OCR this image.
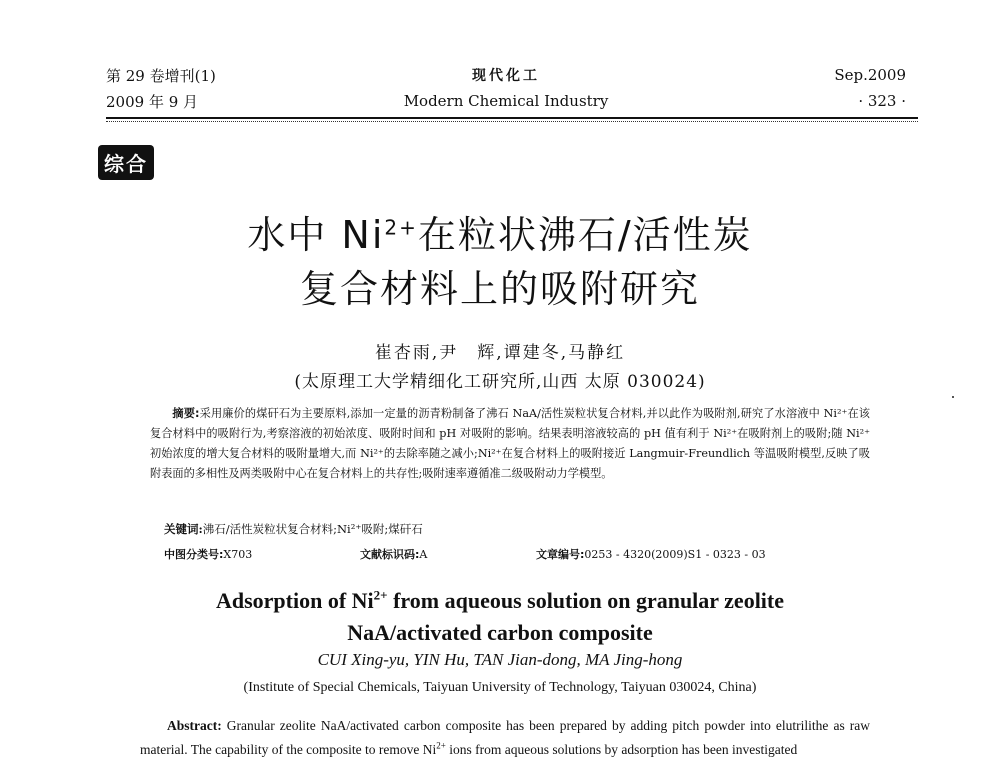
第 29 卷增刊(1)	现代化工	Sep.2009
2009 年 9 月	Modern Chemical Industry	· 323 ·
综合
水中 $Ni^{2+}$在粒状沸石/活性炭
复合材料上的吸附研究
崔杏雨,尹　辉,谭建冬,马静红
(太原理工大学精细化工研究所,山西 太原 030024)
摘要:采用廉价的煤矸石为主要原料,添加一定量的沥青粉制备了沸石 NaA/活性炭粒状复合材料,并以此作为吸附剂,研究了水溶液中 Ni²⁺在该复合材料中的吸附行为,考察溶液的初始浓度、吸附时间和 pH 对吸附的影响。结果表明溶液较高的 pH 值有利于 Ni²⁺在吸附剂上的吸附;随 Ni²⁺初始浓度的增大复合材料的吸附量增大,而 Ni²⁺的去除率随之减小;Ni²⁺在复合材料上的吸附接近 Langmuir-Freundlich 等温吸附模型,反映了吸附表面的多相性及两类吸附中心在复合材料上的共存性;吸附速率遵循准二级吸附动力学模型。
关键词:沸石/活性炭粒状复合材料;Ni²⁺吸附;煤矸石
中图分类号:X703	文献标识码:A	文章编号:0253 - 4320(2009)S1 - 0323 - 03
Adsorption of $Ni^{2+}$ from aqueous solution on granular zeolite
NaA/activated carbon composite
CUI Xing-yu, YIN Hu, TAN Jian-dong, MA Jing-hong
(Institute of Special Chemicals, Taiyuan University of Technology, Taiyuan 030024, China)
Abstract: Granular zeolite NaA/activated carbon composite has been prepared by adding pitch powder into elutrilithe as raw material. The capability of the composite to remove $Ni^{2+}$ ions from aqueous solutions by adsorption has been investigated
